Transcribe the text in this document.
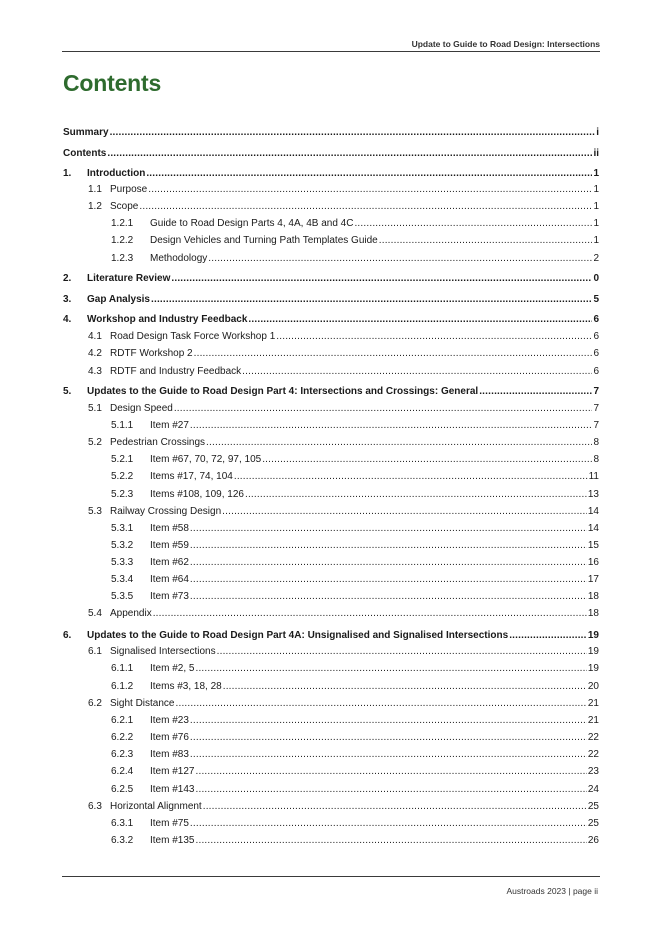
Update to Guide to Road Design: Intersections
Contents
Summary .....	i
Contents .....	ii
1.	Introduction .....	1
1.1 Purpose .....	1
1.2 Scope .....	1
1.2.1	Guide to Road Design Parts 4, 4A, 4B and 4C .....	1
1.2.2	Design Vehicles and Turning Path Templates Guide .....	1
1.2.3	Methodology .....	2
2.	Literature Review .....	0
3.	Gap Analysis .....	5
4.	Workshop and Industry Feedback .....	6
4.1 Road Design Task Force Workshop 1 .....	6
4.2 RDTF Workshop 2 .....	6
4.3 RDTF and Industry Feedback .....	6
5.	Updates to the Guide to Road Design Part 4: Intersections and Crossings: General .....	7
5.1 Design Speed .....	7
5.1.1	Item #27 .....	7
5.2 Pedestrian Crossings .....	8
5.2.1	Item #67, 70, 72, 97, 105 .....	8
5.2.2	Items #17, 74, 104 .....	11
5.2.3	Items #108, 109, 126 .....	13
5.3 Railway Crossing Design .....	14
5.3.1	Item #58 .....	14
5.3.2	Item #59 .....	15
5.3.3	Item #62 .....	16
5.3.4	Item #64 .....	17
5.3.5	Item #73 .....	18
5.4 Appendix .....	18
6.	Updates to the Guide to Road Design Part 4A: Unsignalised and Signalised Intersections .....	19
6.1 Signalised Intersections .....	19
6.1.1	Item #2, 5 .....	19
6.1.2	Items #3, 18, 28 .....	20
6.2 Sight Distance .....	21
6.2.1	Item #23 .....	21
6.2.2	Item #76 .....	22
6.2.3	Item #83 .....	22
6.2.4	Item #127 .....	23
6.2.5	Item #143 .....	24
6.3 Horizontal Alignment .....	25
6.3.1	Item #75 .....	25
6.3.2	Item #135 .....	26
Austroads 2023 | page ii
